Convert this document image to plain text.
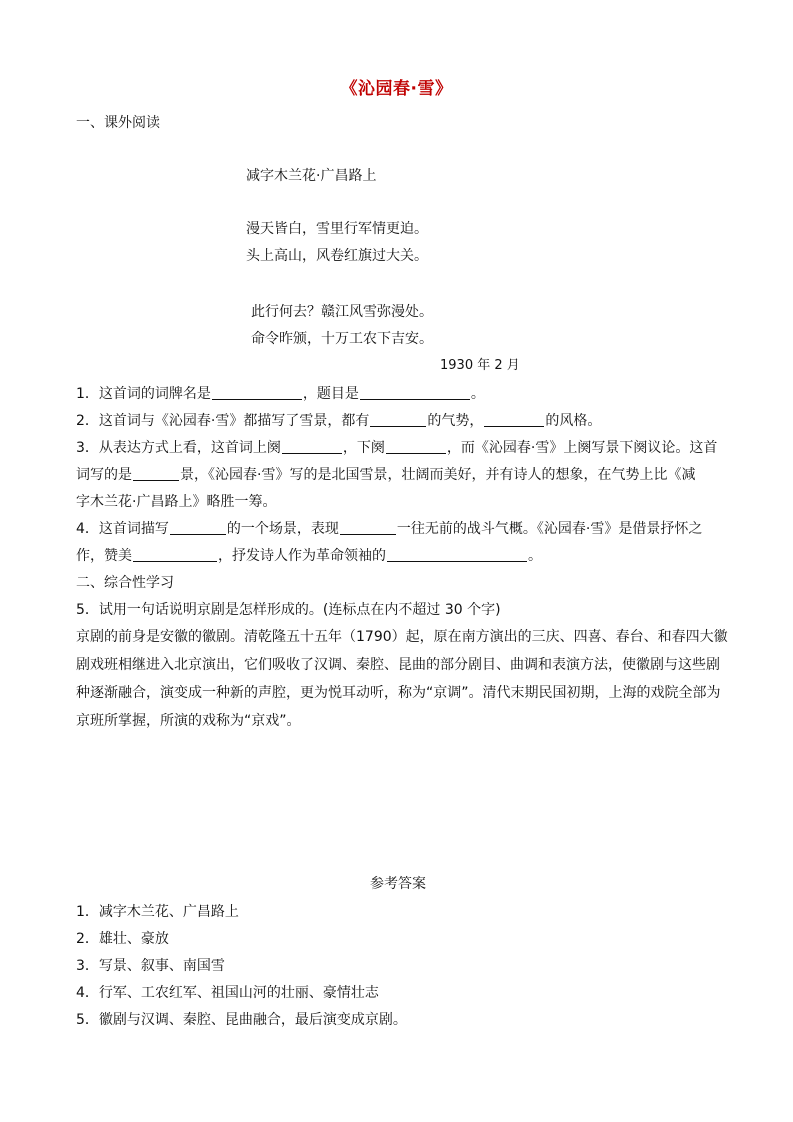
《沁园春·雪》
一、课外阅读
减字木兰花·广昌路上
漫天皆白，雪里行军情更迫。
头上高山，风卷红旗过大关。
此行何去？赣江风雪弥漫处。
命令昨颁，十万工农下吉安。
1930 年 2 月
1．这首词的词牌名是	，题目是	。
2．这首词与《沁园春·雪》都描写了雪景，都有	的气势，	的风格。
3．从表达方式上看，这首词上阕	，下阕	，而《沁园春·雪》上阕写景下阕议论。这首
词写的是	景，《沁园春·雪》写的是北国雪景，壮阔而美好，并有诗人的想象，在气势上比《减
字木兰花·广昌路上》略胜一筹。
4．这首词描写	的一个场景，表现	一往无前的战斗气概。《沁园春·雪》是借景抒怀之
作，赞美	，抒发诗人作为革命领袖的	。
二、综合性学习
5．试用一句话说明京剧是怎样形成的。(连标点在内不超过 30 个字)
京剧的前身是安徽的徽剧。清乾隆五十五年（1790）起，原在南方演出的三庆、四喜、春台、和春四大徽
剧戏班相继进入北京演出，它们吸收了汉调、秦腔、昆曲的部分剧目、曲调和表演方法，使徽剧与这些剧
种逐渐融合，演变成一种新的声腔，更为悦耳动听，称为“京调”。清代末期民国初期，上海的戏院全部为
京班所掌握，所演的戏称为“京戏”。
参考答案
1．减字木兰花、广昌路上
2．雄壮、豪放
3．写景、叙事、南国雪
4．行军、工农红军、祖国山河的壮丽、豪情壮志
5．徽剧与汉调、秦腔、昆曲融合，最后演变成京剧。
